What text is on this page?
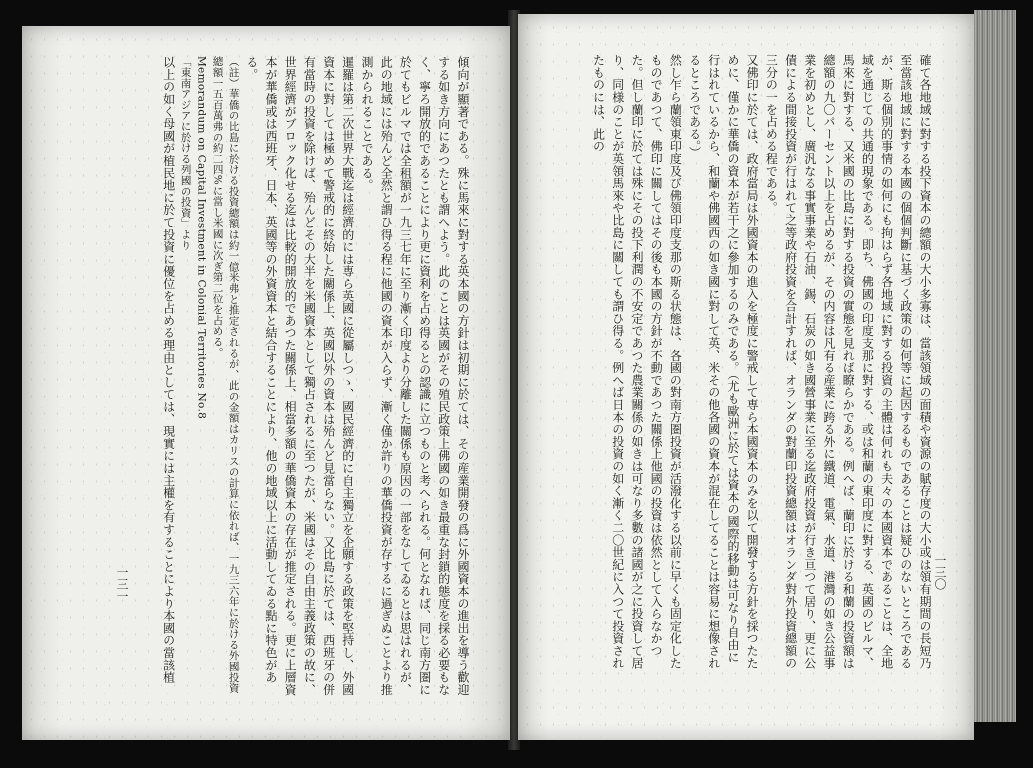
傾向が顯著である。殊に馬來に對する英本國の方針は初期に於ては、その産業開發の爲に外國資本の進出を導う歡迎する如き方向にあつたとも謂へよう。此のことは英國がその殖民政策上佛國の如き最重な封鎖的態度を採る必要もなく、寧ろ開放的であることにより更に資利を占め得るとの認識に立つものと考へられる。何となれば、同じ南方圏に於てもビルマでは全租額が一九三七年に至り漸く印度より分離した關係も原因の一部をなしてゐるとは思はれるが、此の地域には殆んど全然と謂ひ得る程に他國の資本が入らず、漸く僅か許りの華僑投資が存するに過ぎぬことより推測かられることである。

暹羅は第二次世界大戰迄は經濟的には専ら英國に從屬しつゝ、國民經濟的に自主獨立を企願する政策を堅持し、外國資本に對しては極めて警戒的に終始した關係上、英國以外の資本は殆んど見當らない。又比島に於ては、西班牙の併有當時の投資を除けば、殆んどその大半を米國資本として獨占されるに至つたが、米國はその自由主義政策の故に、世界經濟がブロック化せる迄は比較的開放的であつた關係上、相當多額の華僑資本の存在が推定される。更に上層資本が華僑或は西班牙、日本、英國等の外資資本と結合することにより、他の地域以上に活動してゐる點に特色がある。

（註）華僑の比島に於ける投資總額は約一億米弗と推定されるが、此の金額はカリスの計算に依れば、一九三六年に於ける外國投資總額一五百萬弗の約二四%に當し米國に次ぎ第二位を占める。

Memorandum on Capital Investment in Colonial Territories No.8

「東南アジアに於ける列國の投資」より

以上の如く母國が植民地に於て投資に優位を占める理由としては、現實には主權を有することにより本國の當該植

一三一	確て各地域に對する投下資本の總額の大小多寡は、當該領域の面積や資源の賦存度の大小或は領有期間の長短乃至當該地域に對する本國の個個判斷に基づく政策の如何等に起因するものであることは疑ひのないところであるが、斯る個別的事情の如何にも拘はらず各地域に對する投資の主體は何れも夫々の本國資本であることは、全地域を通じての共通的現象である。即ち、佛國の印度支那に對する、或は和蘭の東印度に對する、英國のビルマ、馬來に對する、又米國の比島に對する投資の實態を見れば瞭らかである。例へば、蘭印に於ける和蘭の投資額は總額の九〇パーセント以上を占めるが、その内容は凡有る産業に跨る外に鐵道、電氣、水道、港灣の如き公益事業を初めとし、廣汎なる事實事業や石油、錫、石炭の如き國營事業に至る迄政府投資が行き亘つて居り、更に公債による間接投資が行はれて之等政府投資を合計すれば、オランダの對蘭印投資總額はオランダ對外投資總額の三分の一を占める程である。

又佛印に於ては、政府當局は外國資本の進入を極度に警戒して専ら本國資本のみを以て開發する方針を採つたために、僅かに華僑の資本が若干之に參加するのみである。（尤も歐洲に於ては資本の國際的移動は可なり自由に行はれているから、和蘭や佛國西の如き國に對して英、米その他各國の資本が混在してることは容易に想像されるところである。）

然し乍ら蘭領東印度及び佛領印度支那の斯る状態は、各國の對南方圏投資が活潑化する以前に早くも固定化したものであつて、佛印に關してはその後も本國の方針が不動であつた關係上他國の投資は依然として入らなかつた。但し蘭印に於ては殊にその投下利潤の不安定であつた農業關係の如きは可なり多數の諸國が之に投資して居り、同様のことが英領馬來や比島に關しても謂ひ得る。例へば日本の投資の如く漸く二〇世紀に入つて投資されたものには、此の

一三〇
